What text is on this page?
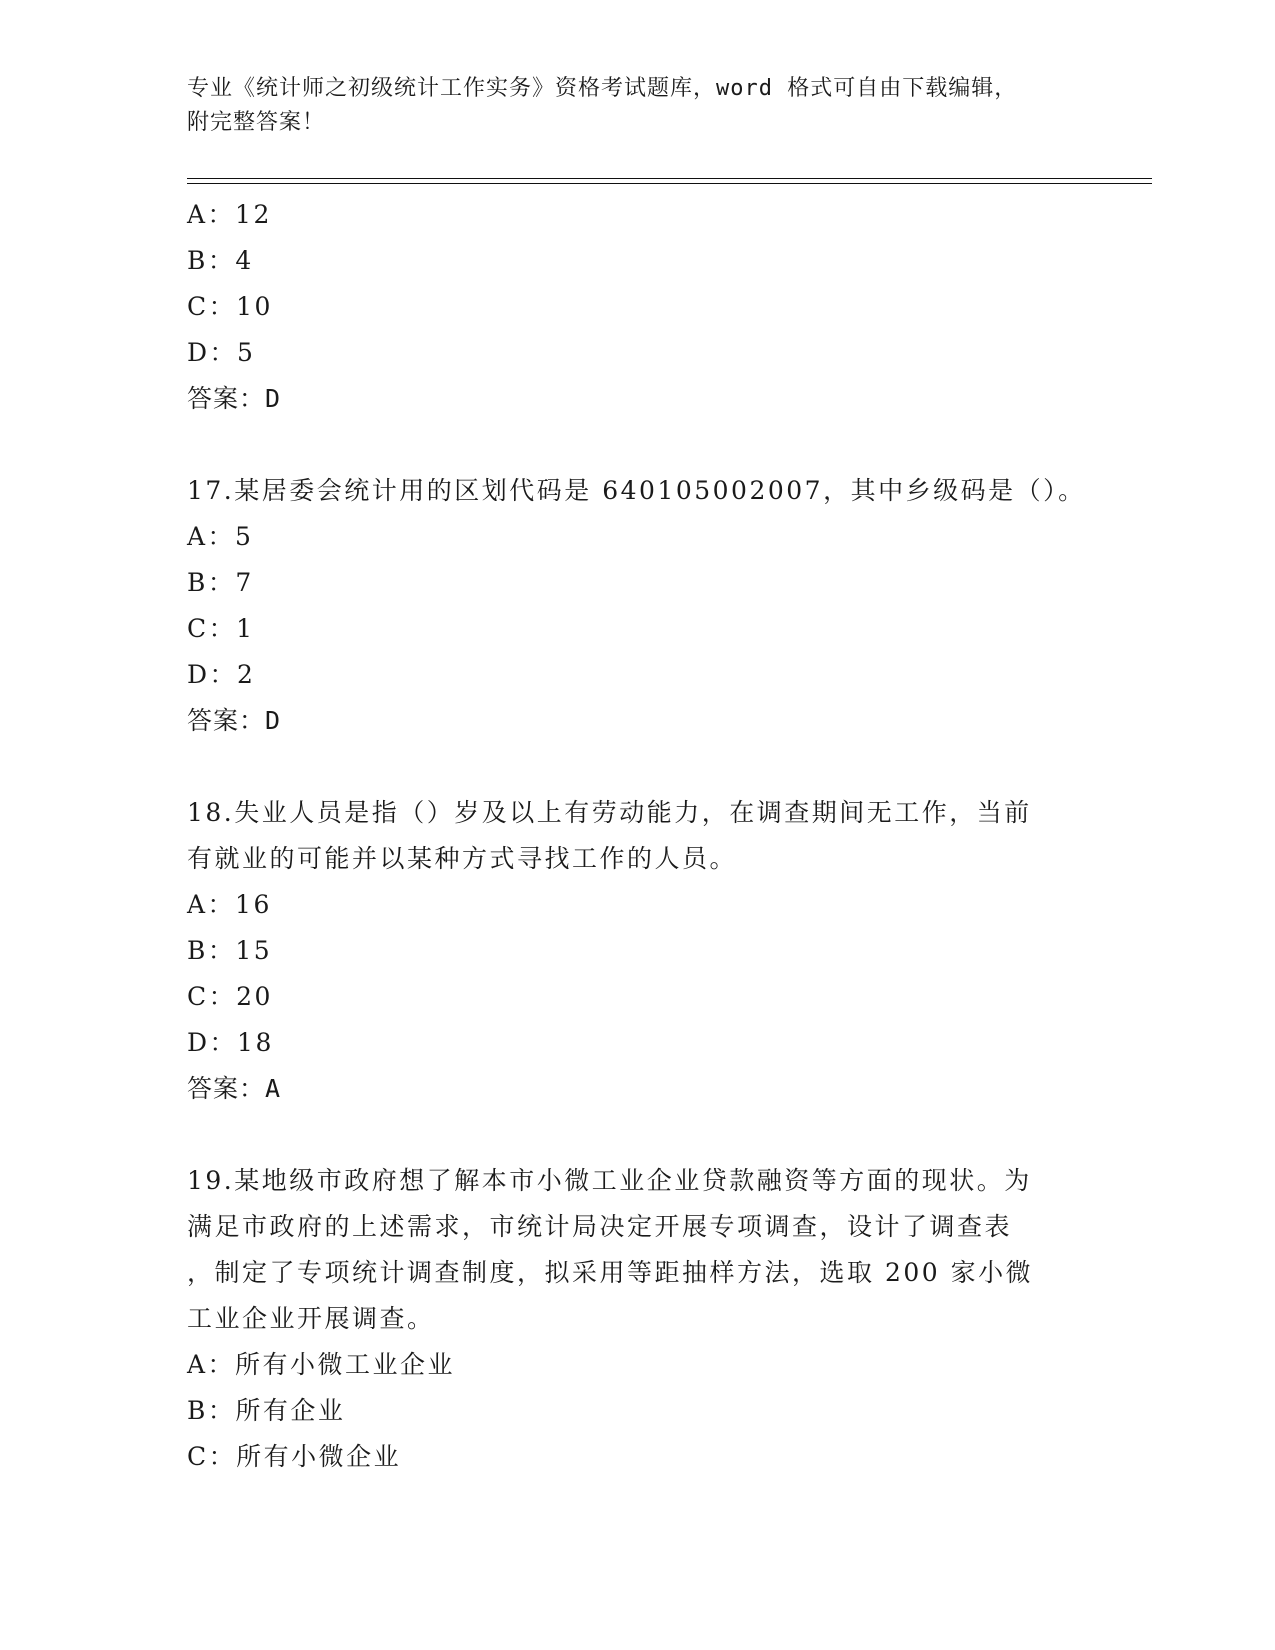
专业《统计师之初级统计工作实务》资格考试题库，word 格式可自由下载编辑，
附完整答案！
A：12
B：4
C：10
D：5
答案：D
17.某居委会统计用的区划代码是 640105002007，其中乡级码是（）。
A：5
B：7
C：1
D：2
答案：D
18.失业人员是指（）岁及以上有劳动能力，在调查期间无工作，当前
有就业的可能并以某种方式寻找工作的人员。
A：16
B：15
C：20
D：18
答案：A
19.某地级市政府想了解本市小微工业企业贷款融资等方面的现状。为
满足市政府的上述需求，市统计局决定开展专项调查，设计了调查表
，制定了专项统计调查制度，拟采用等距抽样方法，选取 200 家小微
工业企业开展调查。
A：所有小微工业企业
B：所有企业
C：所有小微企业
